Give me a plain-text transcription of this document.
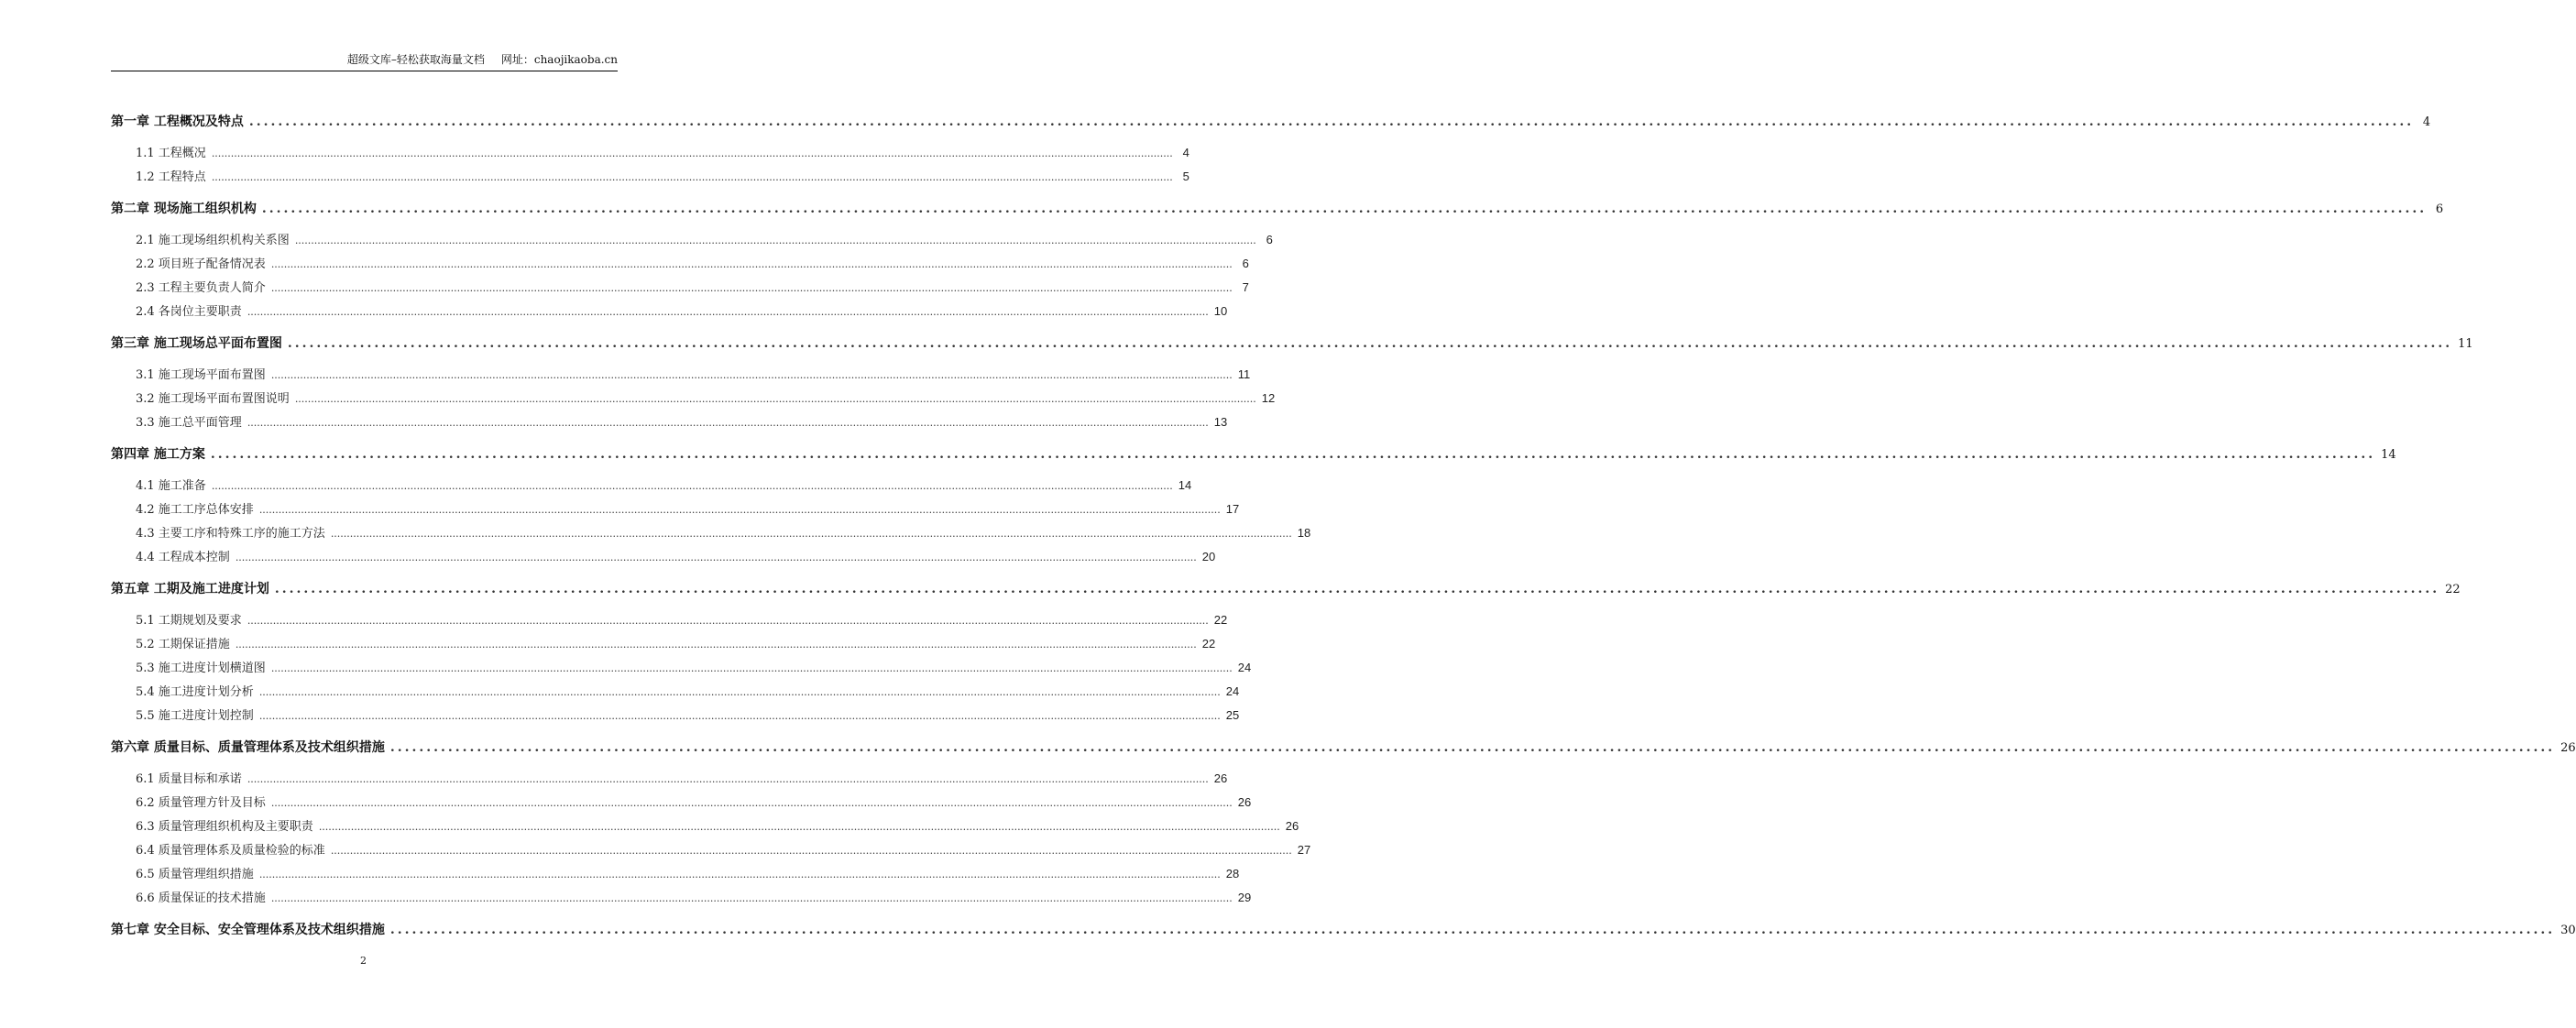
超级文库–轻松获取海量文档 网址：chaojikaoba.cn
第一章 工程概况及特点 ............................................................................................................................................................................................................................................................................................................ 4
1.1 工程概况 ............................................................................................................................................................................................................................................................................................................ 4
1.2 工程特点 ............................................................................................................................................................................................................................................................................................................ 5
第二章 现场施工组织机构 ............................................................................................................................................................................................................................................................................................................ 6
2.1 施工现场组织机构关系图 ............................................................................................................................................................................................................................................................................................................ 6
2.2 项目班子配备情况表 ............................................................................................................................................................................................................................................................................................................ 6
2.3 工程主要负责人简介 ............................................................................................................................................................................................................................................................................................................ 7
2.4 各岗位主要职责 ............................................................................................................................................................................................................................................................................................................ 10
第三章 施工现场总平面布置图 ............................................................................................................................................................................................................................................................................................................ 11
3.1 施工现场平面布置图 ............................................................................................................................................................................................................................................................................................................ 11
3.2 施工现场平面布置图说明 ............................................................................................................................................................................................................................................................................................................ 12
3.3 施工总平面管理 ............................................................................................................................................................................................................................................................................................................ 13
第四章 施工方案 ............................................................................................................................................................................................................................................................................................................ 14
4.1 施工准备 ............................................................................................................................................................................................................................................................................................................ 14
4.2 施工工序总体安排 ............................................................................................................................................................................................................................................................................................................ 17
4.3 主要工序和特殊工序的施工方法 ............................................................................................................................................................................................................................................................................................................ 18
4.4 工程成本控制 ............................................................................................................................................................................................................................................................................................................ 20
第五章 工期及施工进度计划 ............................................................................................................................................................................................................................................................................................................ 22
5.1 工期规划及要求 ............................................................................................................................................................................................................................................................................................................ 22
5.2 工期保证措施 ............................................................................................................................................................................................................................................................................................................ 22
5.3 施工进度计划横道图 ............................................................................................................................................................................................................................................................................................................ 24
5.4 施工进度计划分析 ............................................................................................................................................................................................................................................................................................................ 24
5.5 施工进度计划控制 ............................................................................................................................................................................................................................................................................................................ 25
第六章 质量目标、质量管理体系及技术组织措施 ............................................................................................................................................................................................................................................................................................................ 26
6.1 质量目标和承诺 ............................................................................................................................................................................................................................................................................................................ 26
6.2 质量管理方针及目标 ............................................................................................................................................................................................................................................................................................................ 26
6.3 质量管理组织机构及主要职责 ............................................................................................................................................................................................................................................................................................................ 26
6.4 质量管理体系及质量检验的标准 ............................................................................................................................................................................................................................................................................................................ 27
6.5 质量管理组织措施 ............................................................................................................................................................................................................................................................................................................ 28
6.6 质量保证的技术措施 ............................................................................................................................................................................................................................................................................................................ 29
第七章 安全目标、安全管理体系及技术组织措施 ............................................................................................................................................................................................................................................................................................................ 30
2
